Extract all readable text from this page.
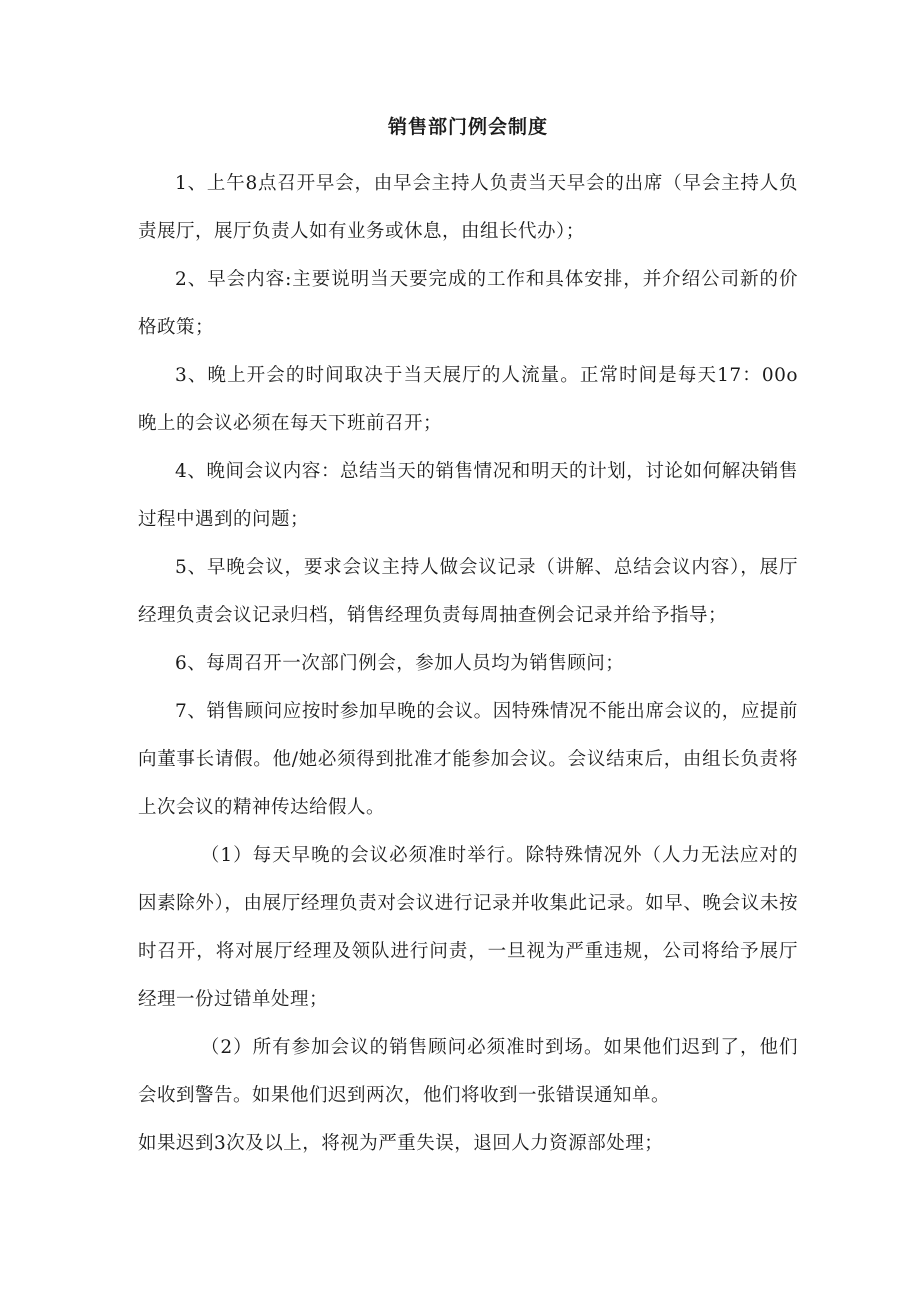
销售部门例会制度

1、上午8点召开早会，由早会主持人负责当天早会的出席（早会主持人负责展厅，展厅负责人如有业务或休息，由组长代办）；

2、早会内容:主要说明当天要完成的工作和具体安排，并介绍公司新的价格政策；

3、晚上开会的时间取决于当天展厅的人流量。正常时间是每天17：00o晚上的会议必须在每天下班前召开；

4、晚间会议内容：总结当天的销售情况和明天的计划，讨论如何解决销售过程中遇到的问题；

5、早晚会议，要求会议主持人做会议记录（讲解、总结会议内容），展厅经理负责会议记录归档，销售经理负责每周抽查例会记录并给予指导；

6、每周召开一次部门例会，参加人员均为销售顾问；

7、销售顾问应按时参加早晚的会议。因特殊情况不能出席会议的，应提前向董事长请假。他/她必须得到批准才能参加会议。会议结束后，由组长负责将上次会议的精神传达给假人。

（1）每天早晚的会议必须准时举行。除特殊情况外（人力无法应对的因素除外），由展厅经理负责对会议进行记录并收集此记录。如早、晚会议未按时召开，将对展厅经理及领队进行问责，一旦视为严重违规，公司将给予展厅经理一份过错单处理；

（2）所有参加会议的销售顾问必须准时到场。如果他们迟到了，他们会收到警告。如果他们迟到两次，他们将收到一张错误通知单。

如果迟到3次及以上，将视为严重失误，退回人力资源部处理；
